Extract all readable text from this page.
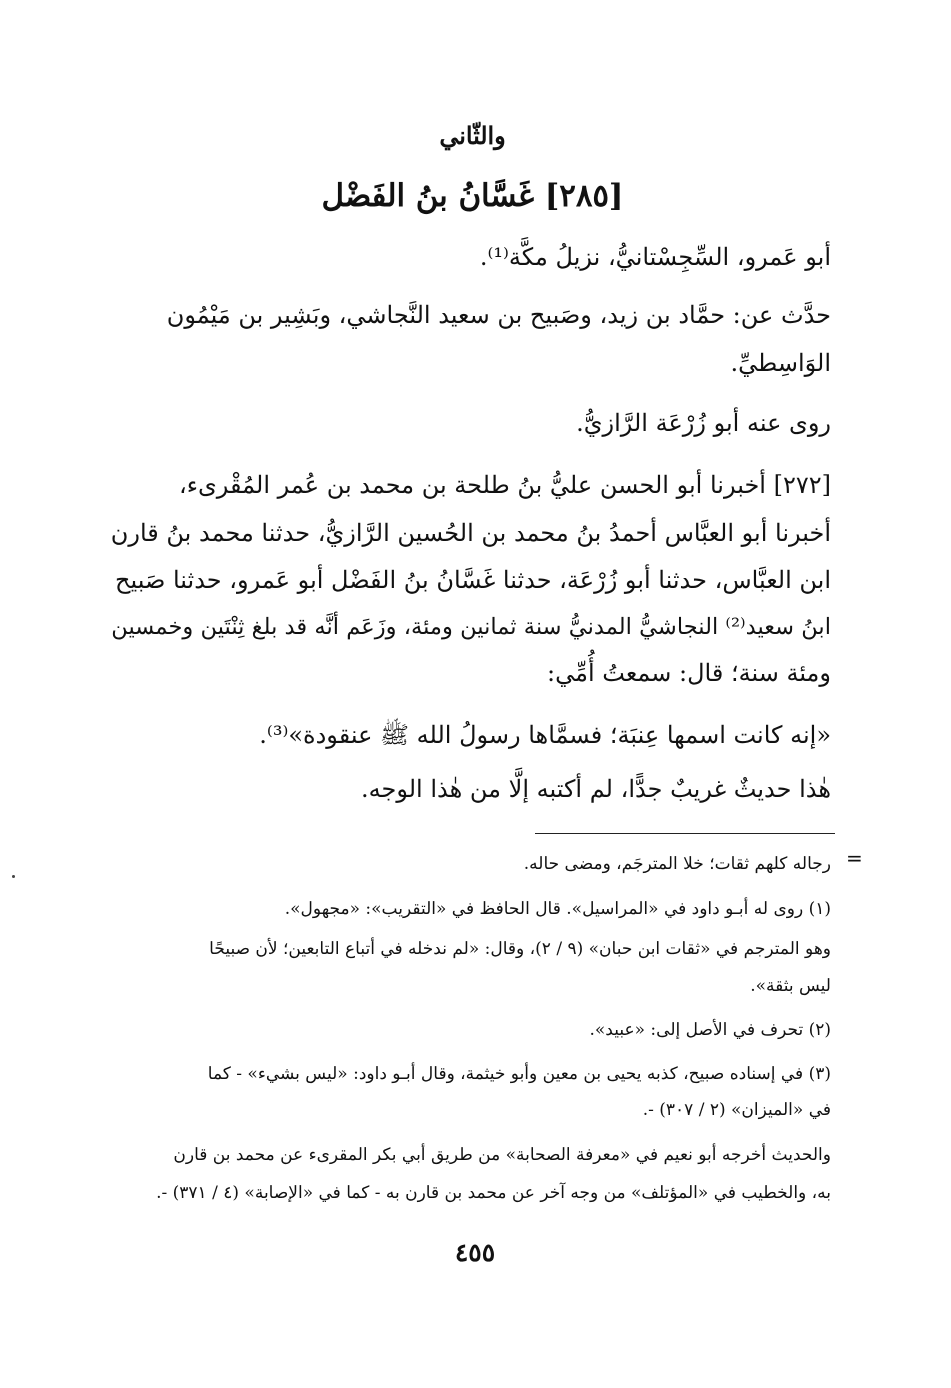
والثّاني
[٢٨٥] غَسَّانُ بنُ الفَضْل
أبو عَمرو، السِّجِسْتانيُّ، نزيلُ مكَّة⁽¹⁾.
حدَّث عن: حمَّاد بن زيد، وصَبيح بن سعيد النَّجاشي، وبَشِير بن مَيْمُون
الوَاسِطيِّ.
روى عنه أبو زُرْعَة الرَّازيُّ.
[٢٧٢] أخبرنا أبو الحسن عليُّ بنُ طلحة بن محمد بن عُمر المُقْرىء،
أخبرنا أبو العبَّاس أحمدُ بنُ محمد بن الحُسين الرَّازيُّ، حدثنا محمد بنُ قارن
ابن العبَّاس، حدثنا أبو زُرْعَة، حدثنا غَسَّانُ بنُ الفَضْل أبو عَمرو، حدثنا صَبيح
ابنُ سعيد⁽²⁾ النجاشيُّ المدنيُّ سنة ثمانين ومئة، وزَعَم أنَّه قد بلغ ثِنْتَين وخمسين
ومئة سنة؛ قال: سمعتُ أُمِّي:
«إنه كانت اسمها عِنبَة؛ فسمَّاها رسولُ الله ﷺ عنقودة»⁽³⁾.
هٰذا حديثٌ غريبٌ جدًّا، لم أكتبه إلَّا من هٰذا الوجه.
=
رجاله كلهم ثقات؛ خلا المترجَم، ومضى حاله.
(١) روى له أبـو داود في «المراسيل». قال الحافظ في «التقريب»: «مجهول».
وهو المترجم في «ثقات ابن حبان» (٩ / ٢)، وقال: «لم ندخله في أتباع التابعين؛ لأن صبيحًا
ليس بثقة».
(٢) تحرف في الأصل إلى: «عبيد».
(٣) في إسناده صبيح، كذبه يحيى بن معين وأبو خيثمة، وقال أبـو داود: «ليس بشيء» - كما
في «الميزان» (٢ / ٣٠٧) -.
والحديث أخرجه أبو نعيم في «معرفة الصحابة» من طريق أبي بكر المقرىء عن محمد بن قارن
به، والخطيب في «المؤتلف» من وجه آخر عن محمد بن قارن به - كما في «الإصابة» (٤ / ٣٧١) -.
٤٥٥
